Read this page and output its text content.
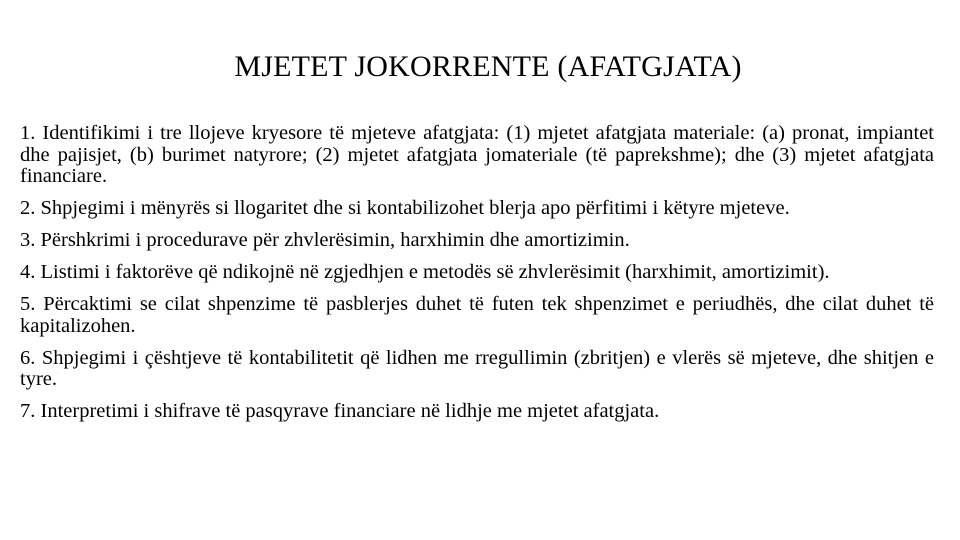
MJETET JOKORRENTE (AFATGJATA)
1. Identifikimi i tre llojeve kryesore të mjeteve afatgjata: (1) mjetet afatgjata materiale: (a) pronat, impiantet dhe pajisjet, (b) burimet natyrore; (2) mjetet afatgjata jomateriale (të paprekshme); dhe (3) mjetet afatgjata financiare.
2. Shpjegimi i mënyrës si llogaritet dhe si kontabilizohet blerja apo përfitimi i këtyre mjeteve.
3. Përshkrimi i procedurave për zhvlerësimin, harxhimin dhe amortizimin.
4. Listimi i faktorëve që ndikojnë në zgjedhjen e metodës së zhvlerësimit (harxhimit, amortizimit).
5. Përcaktimi se cilat shpenzime të pasblerjes duhet të futen tek shpenzimet e periudhës, dhe cilat duhet të kapitalizohen.
6. Shpjegimi i çështjeve të kontabilitetit që lidhen me rregullimin (zbritjen) e vlerës së mjeteve, dhe shitjen e tyre.
7. Interpretimi i shifrave të pasqyrave financiare në lidhje me mjetet afatgjata.
